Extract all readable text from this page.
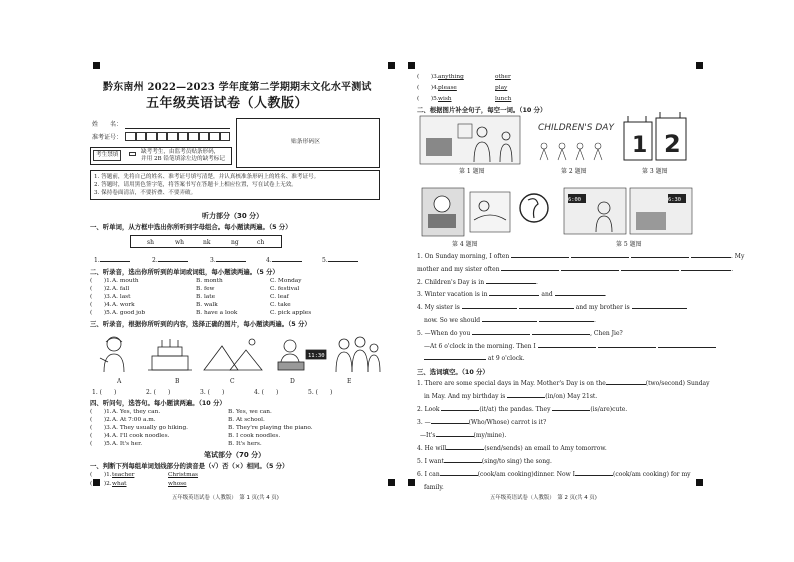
黔东南州 2022—2023 学年度第二学期期末文化水平测试
五年级英语试卷（人教版）
姓　　名：
准考证号：
贴条形码区
考生禁填	缺考考生，由监考员贴条形码，
并用 2B 铅笔填涂左边的缺考标记
1. 答题前，先将自己的姓名、准考证号填写清楚，并认真核准条形码上的姓名、准考证号。
2. 答题时，请用黑色签字笔，将答案书写在答题卡上相应位置，写在试卷上无效。
3. 保持卷面清洁，不要折叠、不要弄破。
听力部分（30 分）
一、听单词，从方框中选出你所听到字母组合。每小题读两遍。（5 分）
sh	wh	nk	ng	ch
1.	2.	3.	4.	5.
二、听录音，选出你所听到的单词或词组，每小题读两遍。（5 分）
(　　)1. A. mouth	B. month	C. Monday
(　　)2. A. fall	B. few	C. festival
(　　)3. A. last	B. late	C. leaf
(　　)4. A. work	B. walk	C. take
(　　)5. A. good job	B. have a look	C. pick apples
三、听录音，根据你所听到的内容，选择正确的图片，每小题读两遍。（5 分）
11:30
A	B	C	D	E
1. (　　)	2. (　　)	3. (　　)	4. (　　)	5. (　　)
四、听问句，选答句。每小题读两遍。（10 分）
(　　)1. A. Yes, they can.	B. Yes, we can.
(　　)2. A. At 7:00 a.m.	B. At school.
(　　)3. A. They usually go hiking.	B. They're playing the piano.
(　　)4. A. I'll cook noodles.	B. I cook noodles.
(　　)5. A. It's her.	B. It's hers.
笔试部分（70 分）
一、判断下列每组单词划线部分的读音是（√）否（×）相同。（5 分）
(　　)1. teacher	Christmas
(　　)2. what	whose
五年级英语试卷（人教版）　第 1 页(共 4 页)
(　　)3. anything	other
(　　)4. please	play
(　　)5. wish	lunch
二、根据图片补全句子，每空一词。（10 分）
第 1 题图
CHILDREN'S DAY
第 2 题图
1 2
第 3 题图
第 4 题图
6:00	6:30
第 5 题图
1. On Sunday morning, I often	. My
mother and my sister often	.
2. Children's Day is in	.
3. Winter vacation is in	and	.
4. My sister is	and my brother is
now. So we should	.
5. —When do you	, Chen Jie?
—At 6 o'clock in the morning. Then I
at 9 o'clock.
三、选词填空。（10 分）
1. There are some special days in May. Mother's Day is on the	(two/second) Sunday
in May. And my birthday is	(in/on) May 21st.
2. Look	(it/at) the pandas. They	(is/are)cute.
3. —	(Who/Whose) carrot is it?
—It's	(my/mine).
4. He will	(send/sends) an email to Amy tomorrow.
5. I want	(sing/to sing) the song.
6. I can	(cook/am cooking)dinner. Now I	(cook/am cooking) for my
family.
五年级英语试卷（人教版）　第 2 页(共 4 页)
